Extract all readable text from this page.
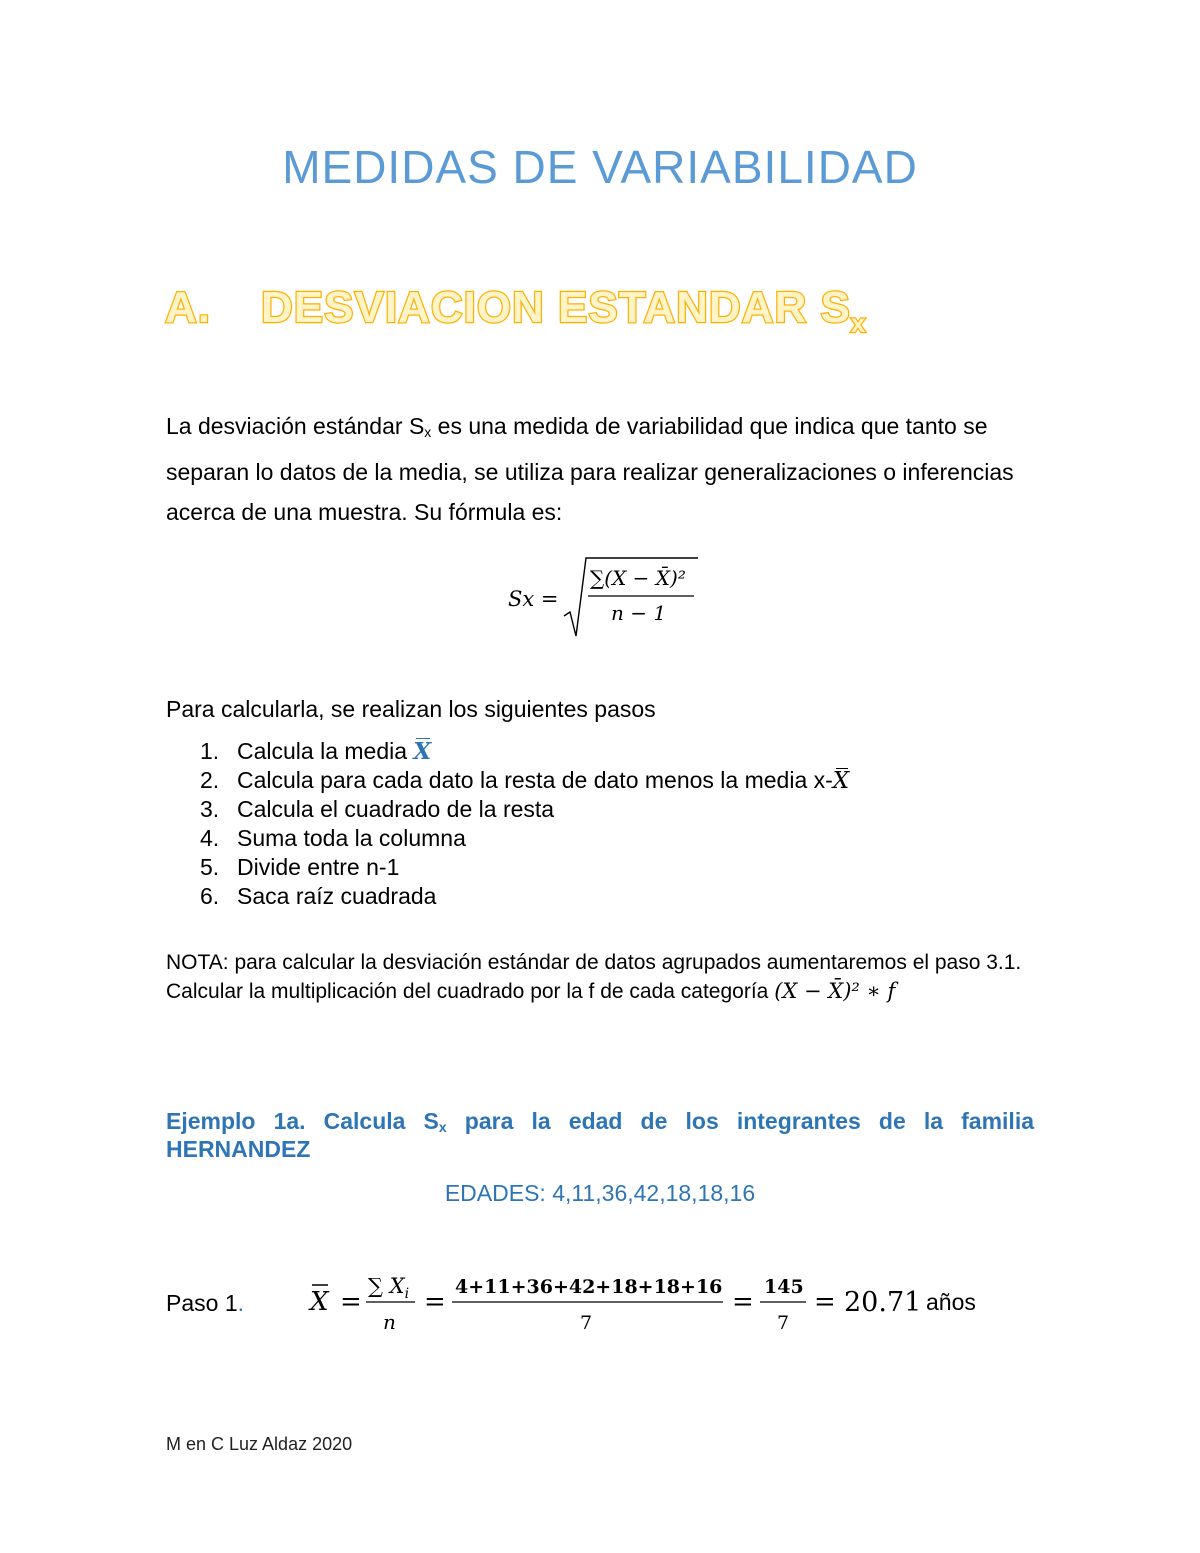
MEDIDAS DE VARIABILIDAD
A. DESVIACION ESTANDAR $S_x$
La desviación estándar Sx es una medida de variabilidad que indica que tanto se
separan lo datos de la media, se utiliza para realizar generalizaciones o inferencias
acerca de una muestra. Su fórmula es:
Sx =
∑(X − X̄)²
n − 1
Para calcularla, se realizan los siguientes pasos
1. Calcula la media X
2. Calcula para cada dato la resta de dato menos la media x-X
3. Calcula el cuadrado de la resta
4. Suma toda la columna
5. Divide entre n-1
6. Saca raíz cuadrada
NOTA: para calcular la desviación estándar de datos agrupados aumentaremos el paso 3.1.
Calcular la multiplicación del cuadrado por la f de cada categoría (X − X̄)² ∗ f
Ejemplo 1a. Calcula Sx para la edad de los integrantes de la familia
HERNANDEZ
EDADES: 4,11,36,42,18,18,16
Paso 1.	X =
∑ $X_i$
n
= 4+11+36+42+18+18+16
7
= 145
7
= 20.71 años
M en C Luz Aldaz 2020
